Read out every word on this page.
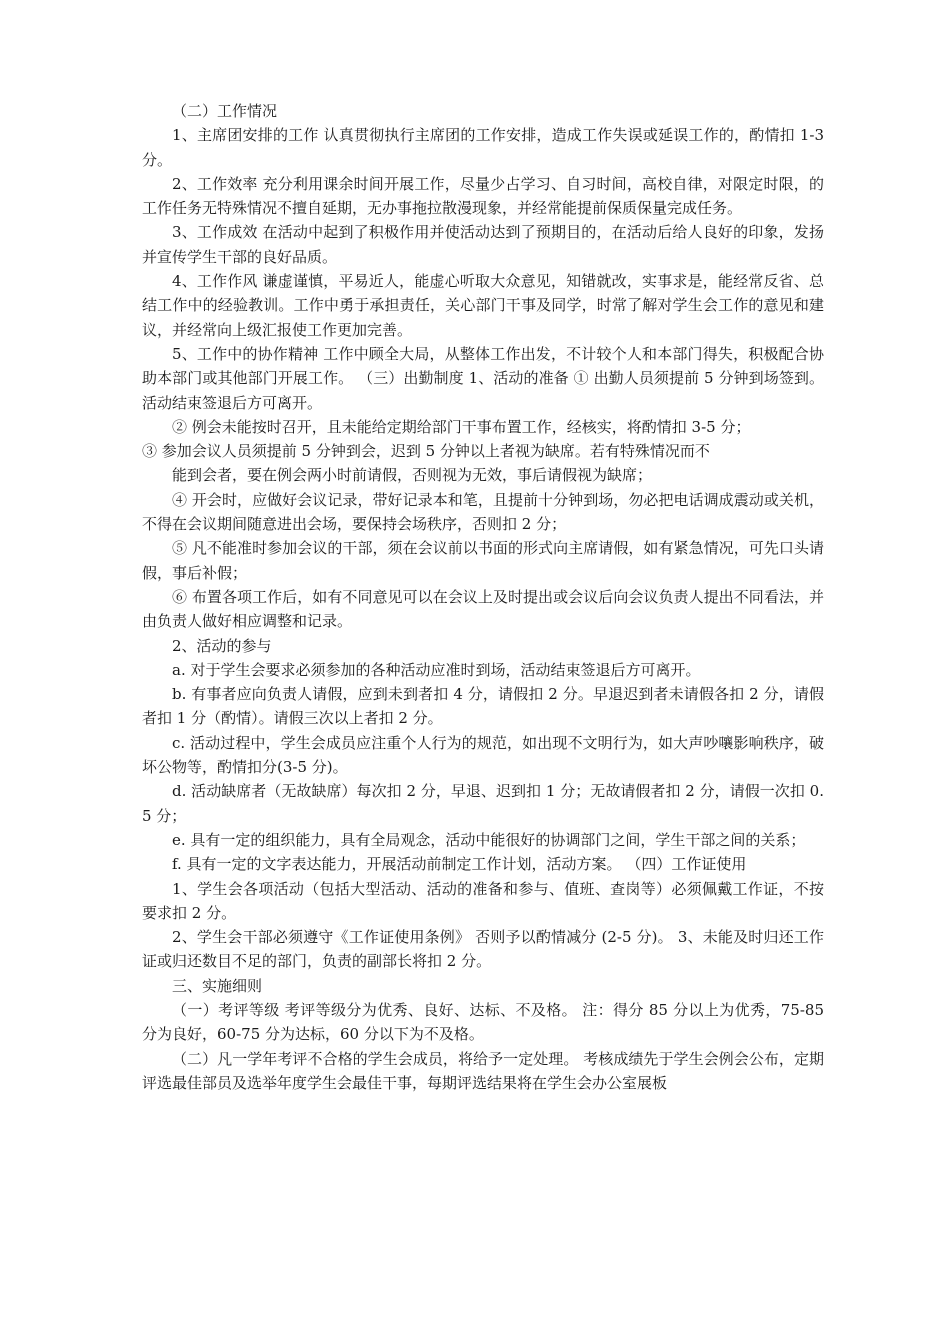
（二）工作情况

1、主席团安排的工作 认真贯彻执行主席团的工作安排，造成工作失误或延误工作的，酌情扣 1-3 分。

2、工作效率 充分利用课余时间开展工作，尽量少占学习、自习时间，高校自律，对限定时限，的工作任务无特殊情况不擅自延期，无办事拖拉散漫现象，并经常能提前保质保量完成任务。

3、工作成效 在活动中起到了积极作用并使活动达到了预期目的，在活动后给人良好的印象，发扬并宣传学生干部的良好品质。

4、工作作风 谦虚谨慎，平易近人，能虚心听取大众意见，知错就改，实事求是，能经常反省、总结工作中的经验教训。工作中勇于承担责任，关心部门干事及同学，时常了解对学生会工作的意见和建议，并经常向上级汇报使工作更加完善。

5、工作中的协作精神 工作中顾全大局，从整体工作出发，不计较个人和本部门得失，积极配合协助本部门或其他部门开展工作。 （三）出勤制度 1、活动的准备 ① 出勤人员须提前 5 分钟到场签到。活动结束签退后方可离开。

② 例会未能按时召开，且未能给定期给部门干事布置工作，经核实，将酌情扣 3-5 分；

③ 参加会议人员须提前 5 分钟到会，迟到 5 分钟以上者视为缺席。若有特殊情况而不

能到会者，要在例会两小时前请假，否则视为无效，事后请假视为缺席；

④ 开会时，应做好会议记录，带好记录本和笔，且提前十分钟到场，勿必把电话调成震动或关机，不得在会议期间随意进出会场，要保持会场秩序，否则扣 2 分；

⑤ 凡不能准时参加会议的干部，须在会议前以书面的形式向主席请假，如有紧急情况，可先口头请假，事后补假；

⑥ 布置各项工作后，如有不同意见可以在会议上及时提出或会议后向会议负责人提出不同看法，并由负责人做好相应调整和记录。

2、活动的参与

a. 对于学生会要求必须参加的各种活动应准时到场，活动结束签退后方可离开。

b. 有事者应向负责人请假，应到未到者扣 4 分，请假扣 2 分。早退迟到者未请假各扣 2 分，请假者扣 1 分（酌情）。请假三次以上者扣 2 分。

c. 活动过程中，学生会成员应注重个人行为的规范，如出现不文明行为，如大声吵嚷影响秩序，破坏公物等，酌情扣分(3-5 分)。

d. 活动缺席者（无故缺席）每次扣 2 分，早退、迟到扣 1 分；无故请假者扣 2 分，请假一次扣 0.5 分；

e. 具有一定的组织能力，具有全局观念，活动中能很好的协调部门之间，学生干部之间的关系；

f. 具有一定的文字表达能力，开展活动前制定工作计划，活动方案。 （四）工作证使用

1、学生会各项活动（包括大型活动、活动的准备和参与、值班、查岗等）必须佩戴工作证，不按要求扣 2 分。

2、学生会干部必须遵守《工作证使用条例》 否则予以酌情减分 (2-5 分)。 3、未能及时归还工作证或归还数目不足的部门，负责的副部长将扣 2 分。

三、实施细则

（一）考评等级 考评等级分为优秀、良好、达标、不及格。 注：得分 85 分以上为优秀，75-85 分为良好，60-75 分为达标，60 分以下为不及格。

（二）凡一学年考评不合格的学生会成员，将给予一定处理。 考核成绩先于学生会例会公布，定期评选最佳部员及选举年度学生会最佳干事，每期评选结果将在学生会办公室展板
